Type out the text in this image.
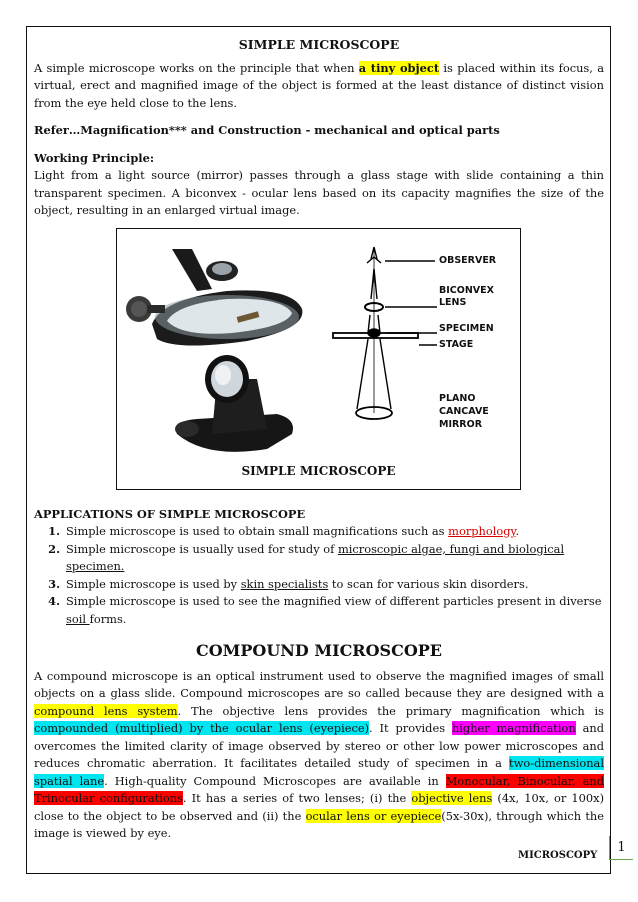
SIMPLE MICROSCOPE

A simple microscope works on the principle that when a tiny object is placed within its focus, a virtual, erect and magnified image of the object is formed at the least distance of distinct vision from the eye held close to the lens.

Refer…Magnification*** and Construction - mechanical and optical parts

Working Principle:

Light from a light source (mirror) passes through a glass stage with slide containing a thin transparent specimen. A biconvex - ocular lens based on its capacity magnifies the size of the object, resulting in an enlarged virtual image.

OBSERVER
BICONVEX
LENS
SPECIMEN
STAGE
PLANO
CANCAVE
MIRROR
SIMPLE MICROSCOPE

APPLICATIONS OF SIMPLE MICROSCOPE

1. Simple microscope is used to obtain small magnifications such as morphology.
2. Simple microscope is usually used for study of microscopic algae, fungi and biological specimen.
3. Simple microscope is used by skin specialists to scan for various skin disorders.
4. Simple microscope is used to see the magnified view of different particles present in diverse soil forms.
COMPOUND MICROSCOPE

A compound microscope is an optical instrument used to observe the magnified images of small objects on a glass slide. Compound microscopes are so called because they are designed with a compound lens system. The objective lens provides the primary magnification which is compounded (multiplied) by the ocular lens (eyepiece). It provides higher magnification and overcomes the limited clarity of image observed by stereo or other low power microscopes and reduces chromatic aberration. It facilitates detailed study of specimen in a two-dimensional spatial lane. High-quality Compound Microscopes are available in Monocular, Binocular, and Trinocular configurations. It has a series of two lenses; (i) the objective lens (4x, 10x, or 100x) close to the object to be observed and (ii) the ocular lens or eyepiece(5x-30x), through which the image is viewed by eye.

MICROSCOPY
1
